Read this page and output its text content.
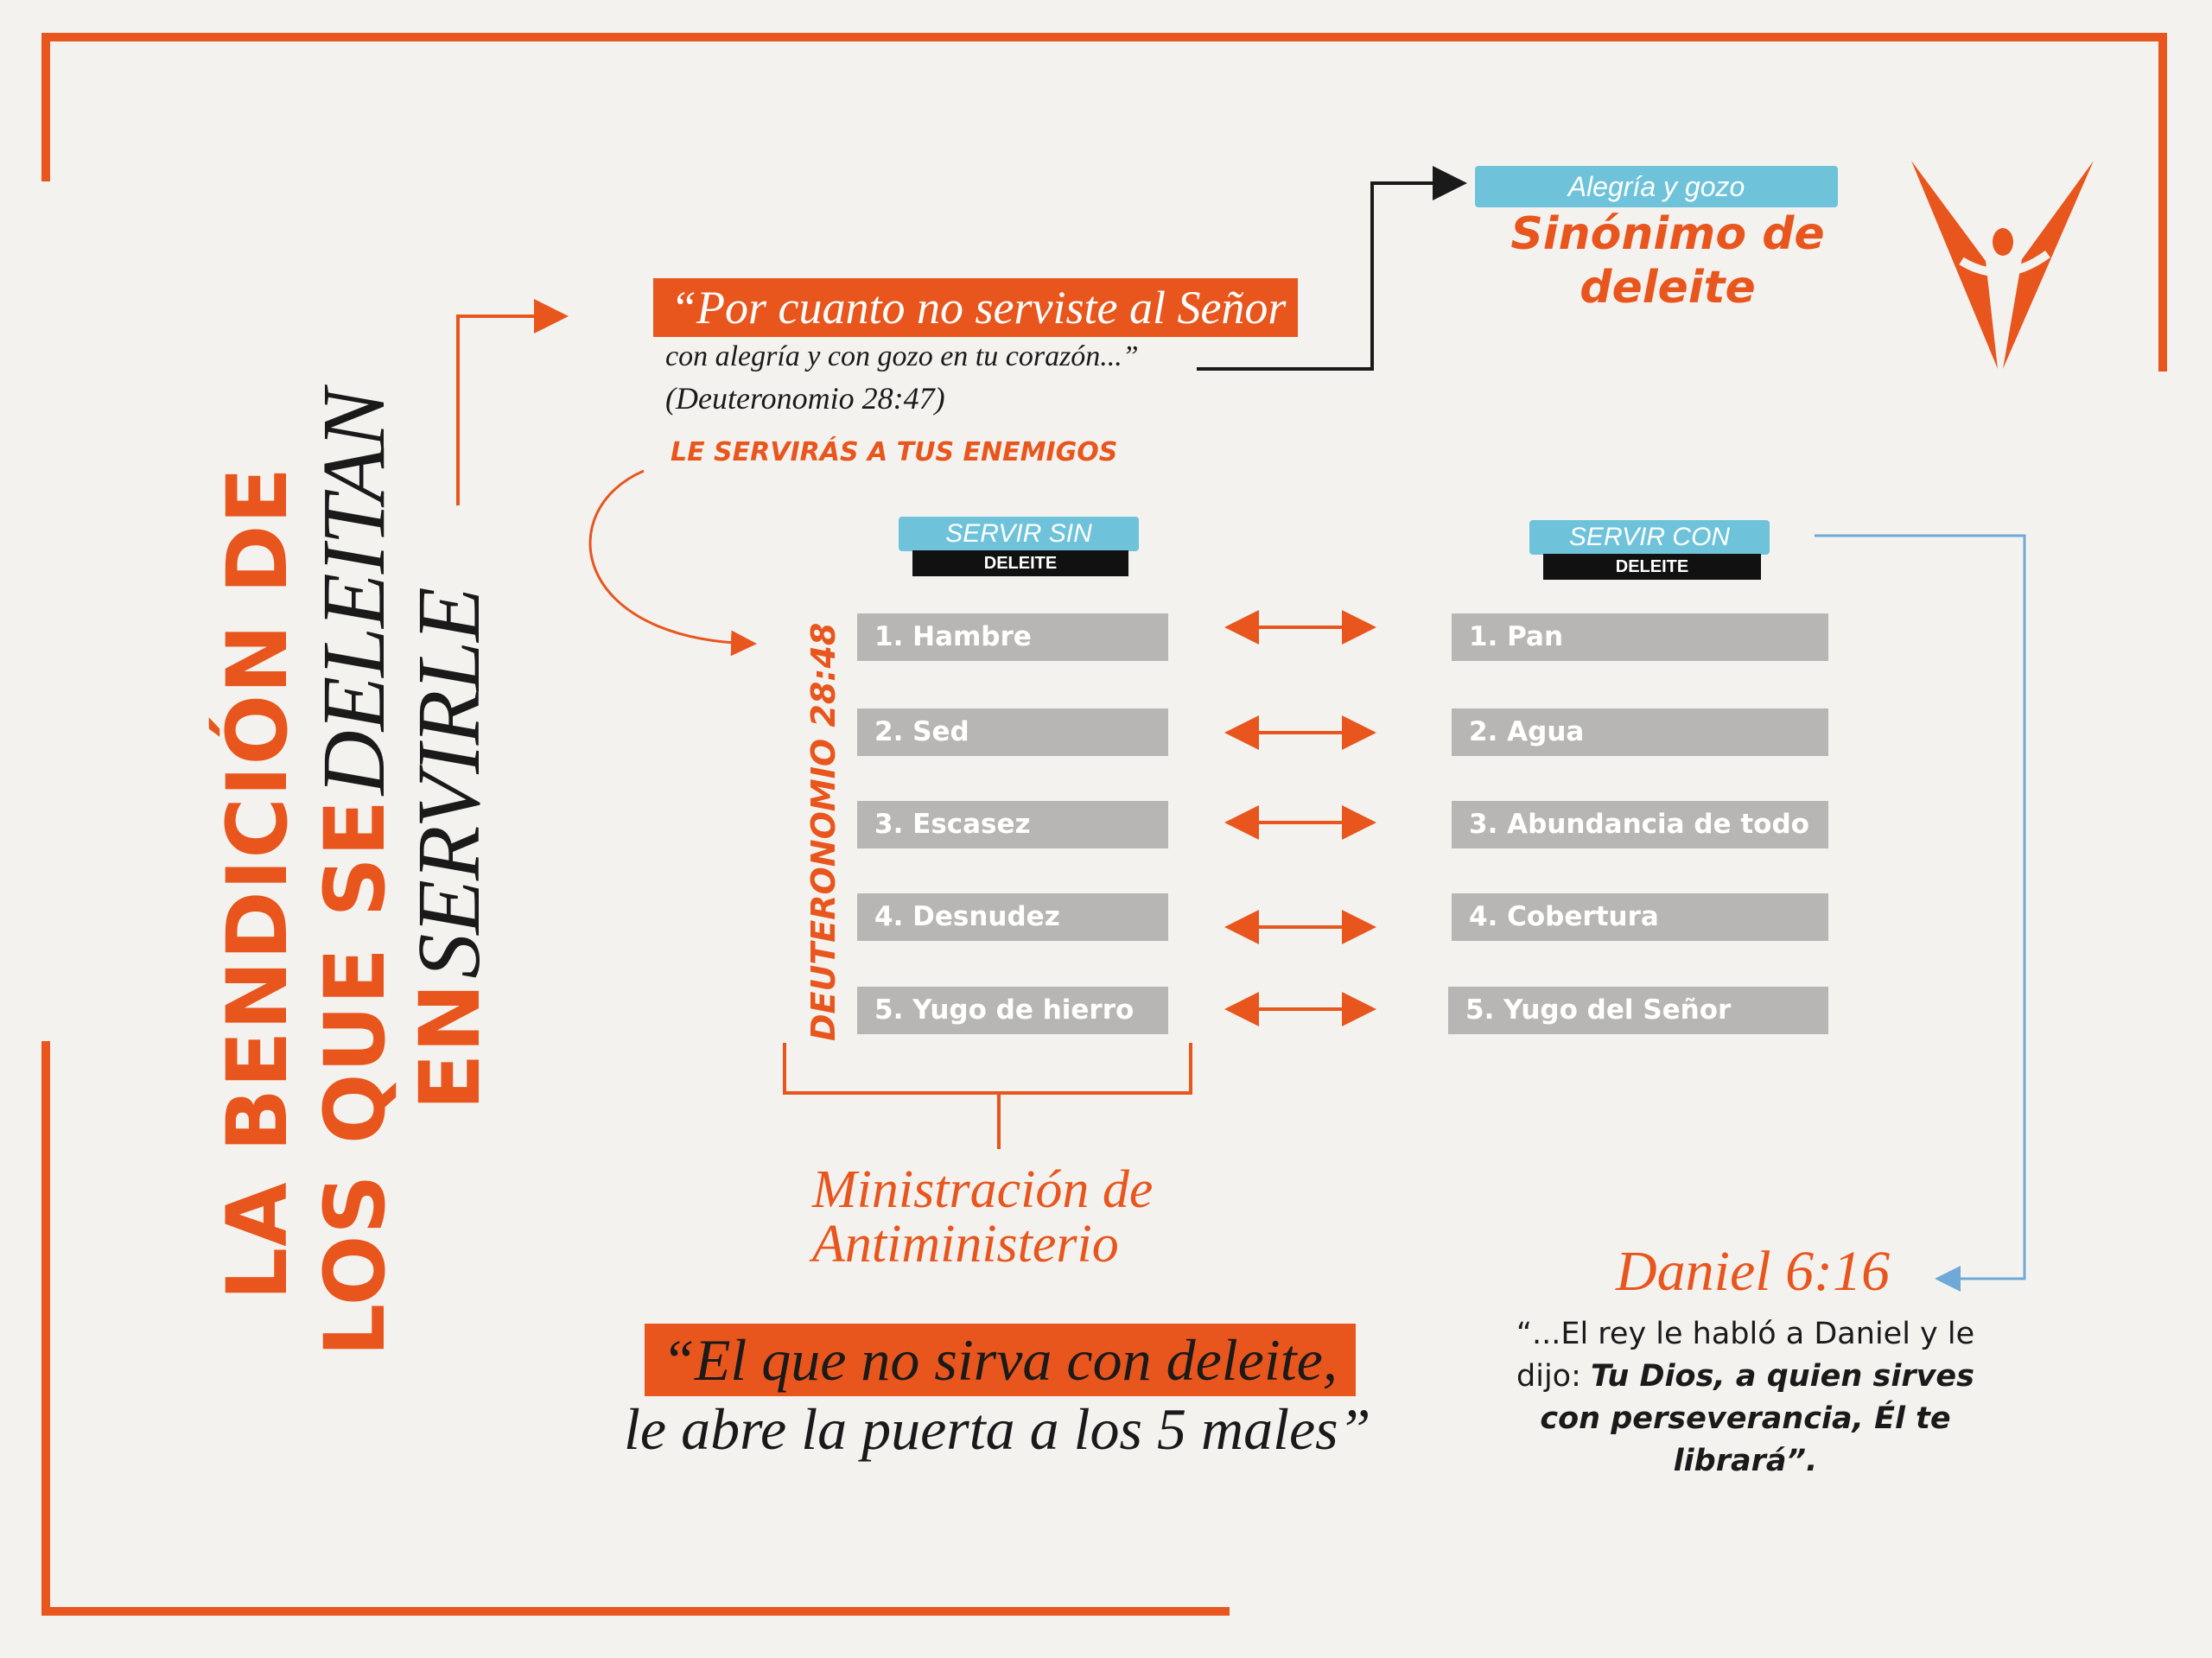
LA BENDICIÓN DE LOS QUE SE DELEITAN
EN SERVIRLE
“Por cuanto no serviste al Señor
con alegría y con gozo en tu corazón...”
(Deuteronomio 28:47)
LE SERVIRÁS A TUS ENEMIGOS
Alegría y gozo
Sinónimo de
deleite
SERVIR SIN
DELEITE
SERVIR CON
DELEITE
DEUTERONOMIO 28:48	1. Hambre
2. Sed
3. Escasez
4. Desnudez
5. Yugo de hierro
1. Pan
2. Agua
3. Abundancia de todo
4. Cobertura
5. Yugo del Señor
Ministración de
Antiministerio
“El que no sirva con deleite,
le abre la puerta a los 5 males”
Daniel 6:16
“...El rey le habló a Daniel y le dijo: Tu Dios, a quien sirves con perseverancia, Él te librará”.
